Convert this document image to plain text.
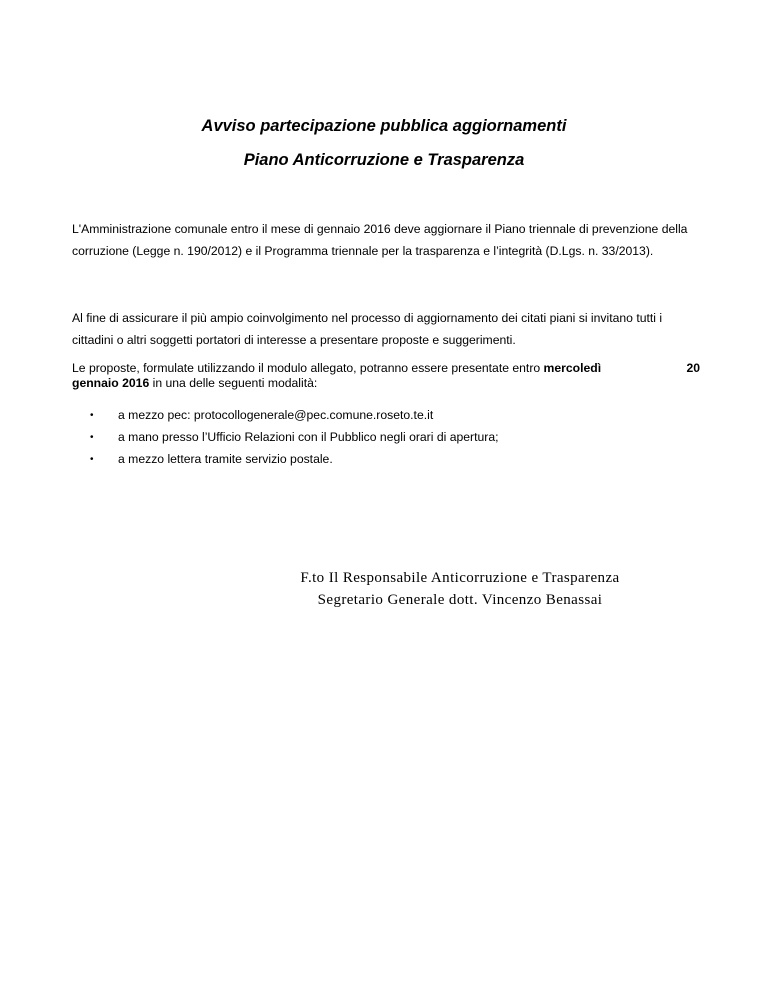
Avviso partecipazione pubblica aggiornamenti
Piano Anticorruzione e Trasparenza

L'Amministrazione comunale entro il mese di gennaio 2016 deve aggiornare il Piano triennale di prevenzione della corruzione (Legge n. 190/2012) e il Programma triennale per la trasparenza e l’integrità (D.Lgs. n. 33/2013).

Al fine di assicurare il più ampio coinvolgimento nel processo di aggiornamento dei citati piani si invitano tutti i cittadini o altri soggetti portatori di interesse a presentare proposte e suggerimenti.

Le proposte, formulate utilizzando il modulo allegato, potranno essere presentate entro mercoledì	20

gennaio 2016 in una delle seguenti modalità:

• a mezzo pec: protocollogenerale@pec.comune.roseto.te.it
• a mano presso l’Ufficio Relazioni con il Pubblico negli orari di apertura;
• a mezzo lettera tramite servizio postale.

F.to Il Responsabile Anticorruzione e Trasparenza

Segretario Generale dott. Vincenzo Benassai
